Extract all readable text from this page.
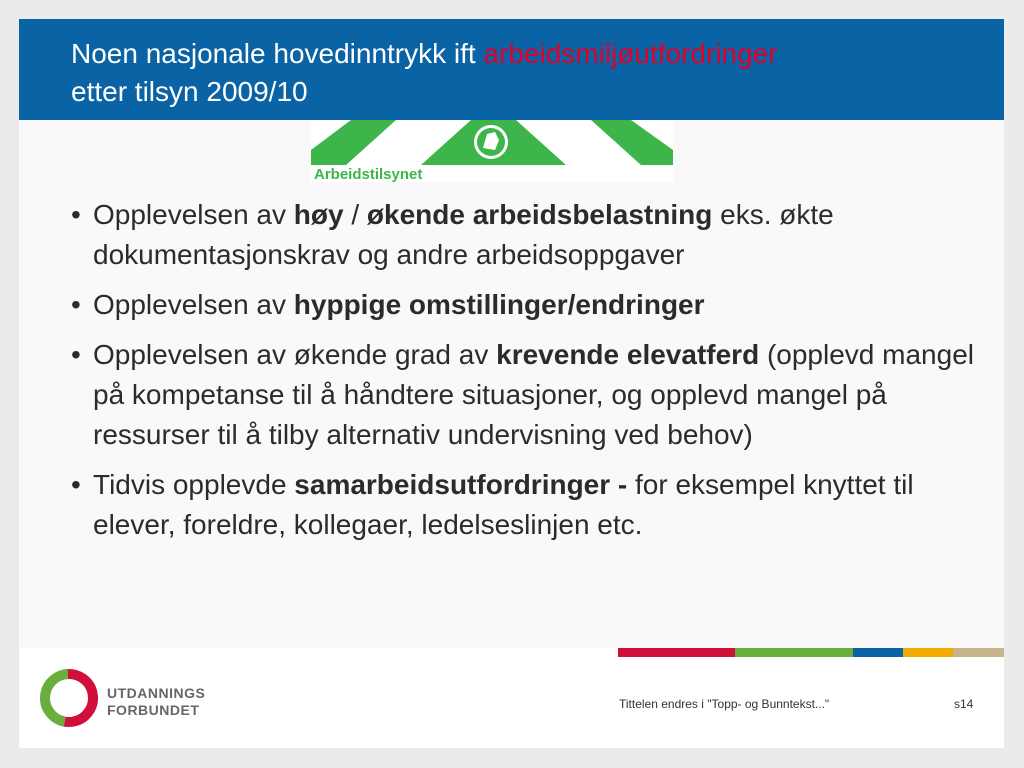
Noen nasjonale hovedinntrykk ift arbeidsmiljøutfordringer
etter tilsyn 2009/10
Arbeidstilsynet
• Opplevelsen av høy / økende arbeidsbelastning eks. økte dokumentasjonskrav og andre arbeidsoppgaver
• Opplevelsen av hyppige omstillinger/endringer
• Opplevelsen av økende grad av krevende elevatferd (opplevd mangel på kompetanse til å håndtere situasjoner, og opplevd mangel på ressurser til å tilby alternativ undervisning ved behov)
• Tidvis opplevde samarbeidsutfordringer - for eksempel knyttet til elever, foreldre, kollegaer, ledelseslinjen etc.
UTDANNINGS
FORBUNDET	Tittelen endres i "Topp- og Bunntekst..."	s14
